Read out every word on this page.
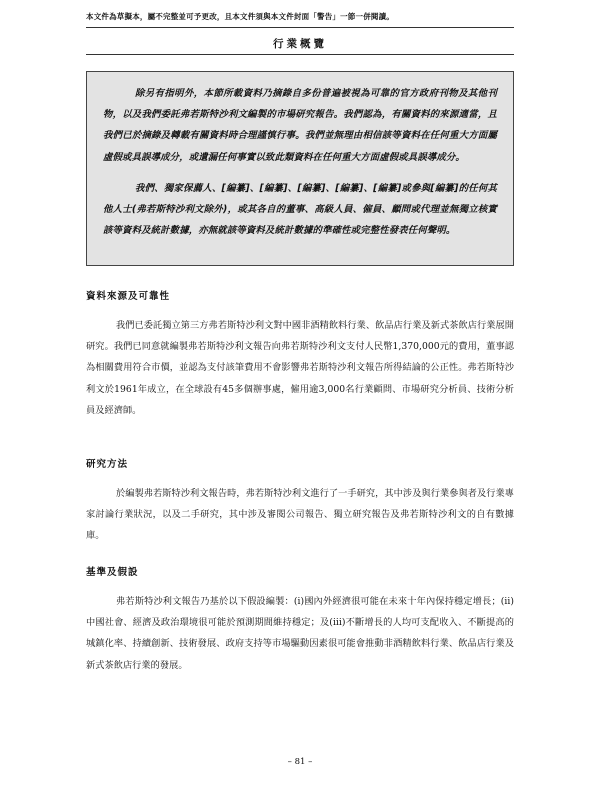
本文件為草擬本，屬不完整並可予更改，且本文件須與本文件封面「警告」一節一併閱讀。
行業概覽

除另有指明外，本節所載資料乃摘錄自多份普遍被視為可靠的官方政府刊物及其他刊物，以及我們委託弗若斯特沙利文編製的市場研究報告。我們認為，有關資料的來源適當，且我們已於摘錄及轉載有關資料時合理謹慎行事。我們並無理由相信該等資料在任何重大方面屬虛假或具誤導成分，或遺漏任何事實以致此類資料在任何重大方面虛假或具誤導成分。

我們、獨家保薦人、[編纂]、[編纂]、[編纂]、[編纂]、[編纂]或參與[編纂]的任何其他人士(弗若斯特沙利文除外)，或其各自的董事、高級人員、僱員、顧問或代理並無獨立核實該等資料及統計數據，亦無就該等資料及統計數據的準確性或完整性發表任何聲明。

資料來源及可靠性

我們已委託獨立第三方弗若斯特沙利文對中國非酒精飲料行業、飲品店行業及新式茶飲店行業展開研究。我們已同意就編製弗若斯特沙利文報告向弗若斯特沙利文支付人民幣1,370,000元的費用，董事認為相關費用符合市價，並認為支付該筆費用不會影響弗若斯特沙利文報告所得結論的公正性。弗若斯特沙利文於1961年成立，在全球設有45多個辦事處，僱用逾3,000名行業顧問、市場研究分析員、技術分析員及經濟師。

研究方法

於編製弗若斯特沙利文報告時，弗若斯特沙利文進行了一手研究，其中涉及與行業參與者及行業專家討論行業狀況，以及二手研究，其中涉及審閱公司報告、獨立研究報告及弗若斯特沙利文的自有數據庫。

基準及假設

弗若斯特沙利文報告乃基於以下假設編製：(i)國內外經濟很可能在未來十年內保持穩定增長；(ii)中國社會、經濟及政治環境很可能於預測期間維持穩定；及(iii)不斷增長的人均可支配收入、不斷提高的城鎮化率、持續創新、技術發展、政府支持等市場驅動因素很可能會推動非酒精飲料行業、飲品店行業及新式茶飲店行業的發展。

– 81 –
